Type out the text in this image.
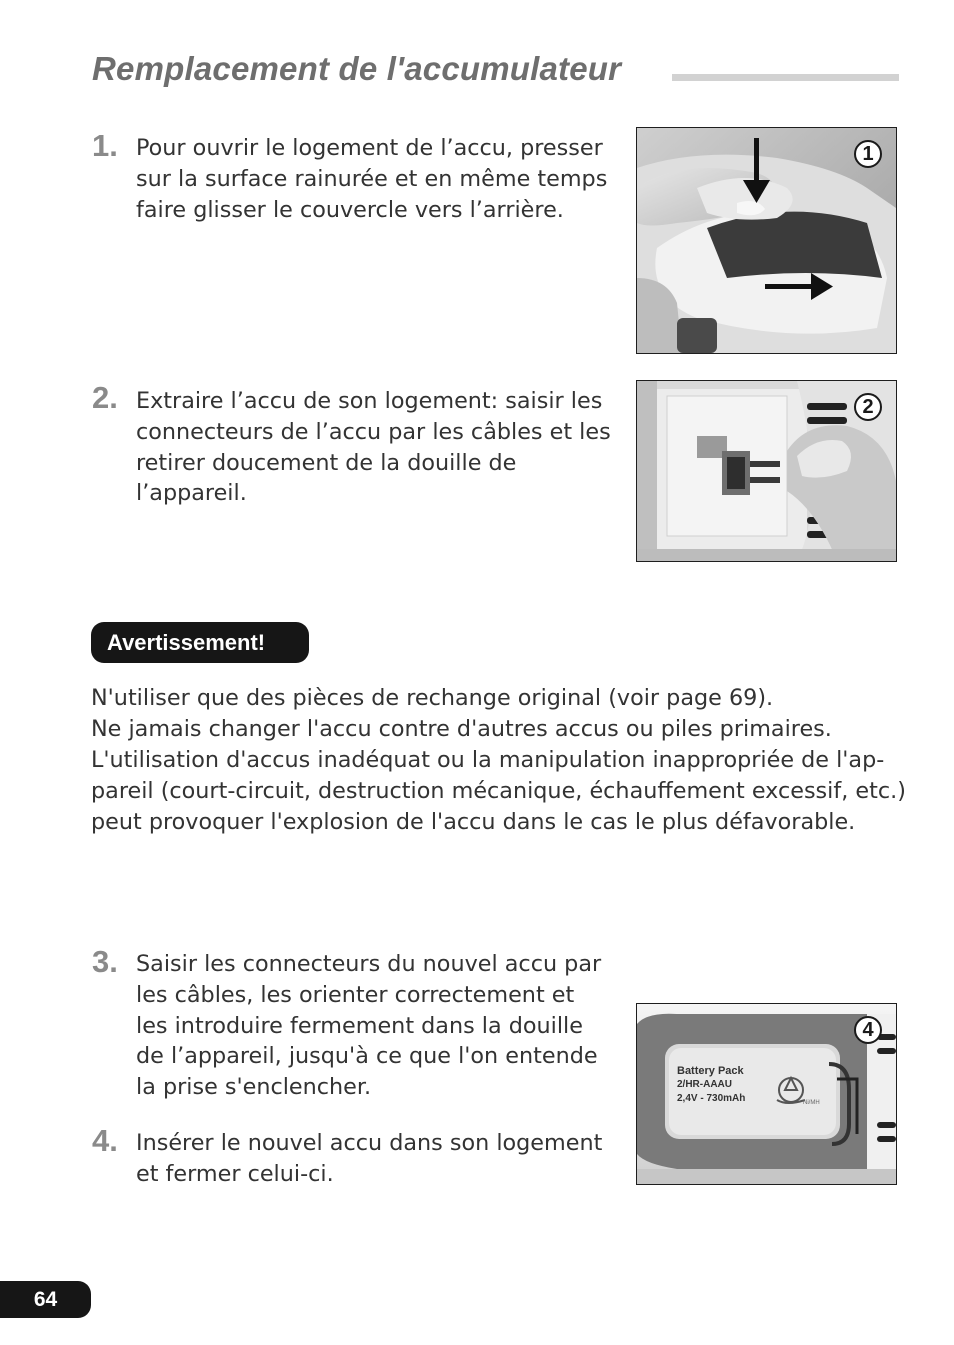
Remplacement de l'accumulateur
1. Pour ouvrir le logement de l’accu, presser sur la surface rainurée et en même temps faire glisser le couvercle vers l’arrière.

1
2. Extraire l’accu de son logement: saisir les connecteurs de l’accu par les câbles et les retirer doucement de la douille de l’appareil.

2
Avertissement!
N'utiliser que des pièces de rechange original (voir page 69).
Ne jamais changer l'accu contre d'autres accus ou piles primaires.
L'utilisation d'accus inadéquat ou la manipulation inappropriée de l'ap-
pareil (court-circuit, destruction mécanique, échauffement excessif, etc.)
peut provoquer l'explosion de l'accu dans le cas le plus défavorable.
3. Saisir les connecteurs du nouvel accu par les câbles, les orienter correctement et les introduire fermement dans la douille de l’appareil, jusqu'à ce que l'on entende la prise s'enclencher.

4. Insérer le nouvel accu dans son logement et fermer celui-ci.

Battery Pack
2/HR-AAAU
2,4V - 730mAh	Ni/MH
4
64
